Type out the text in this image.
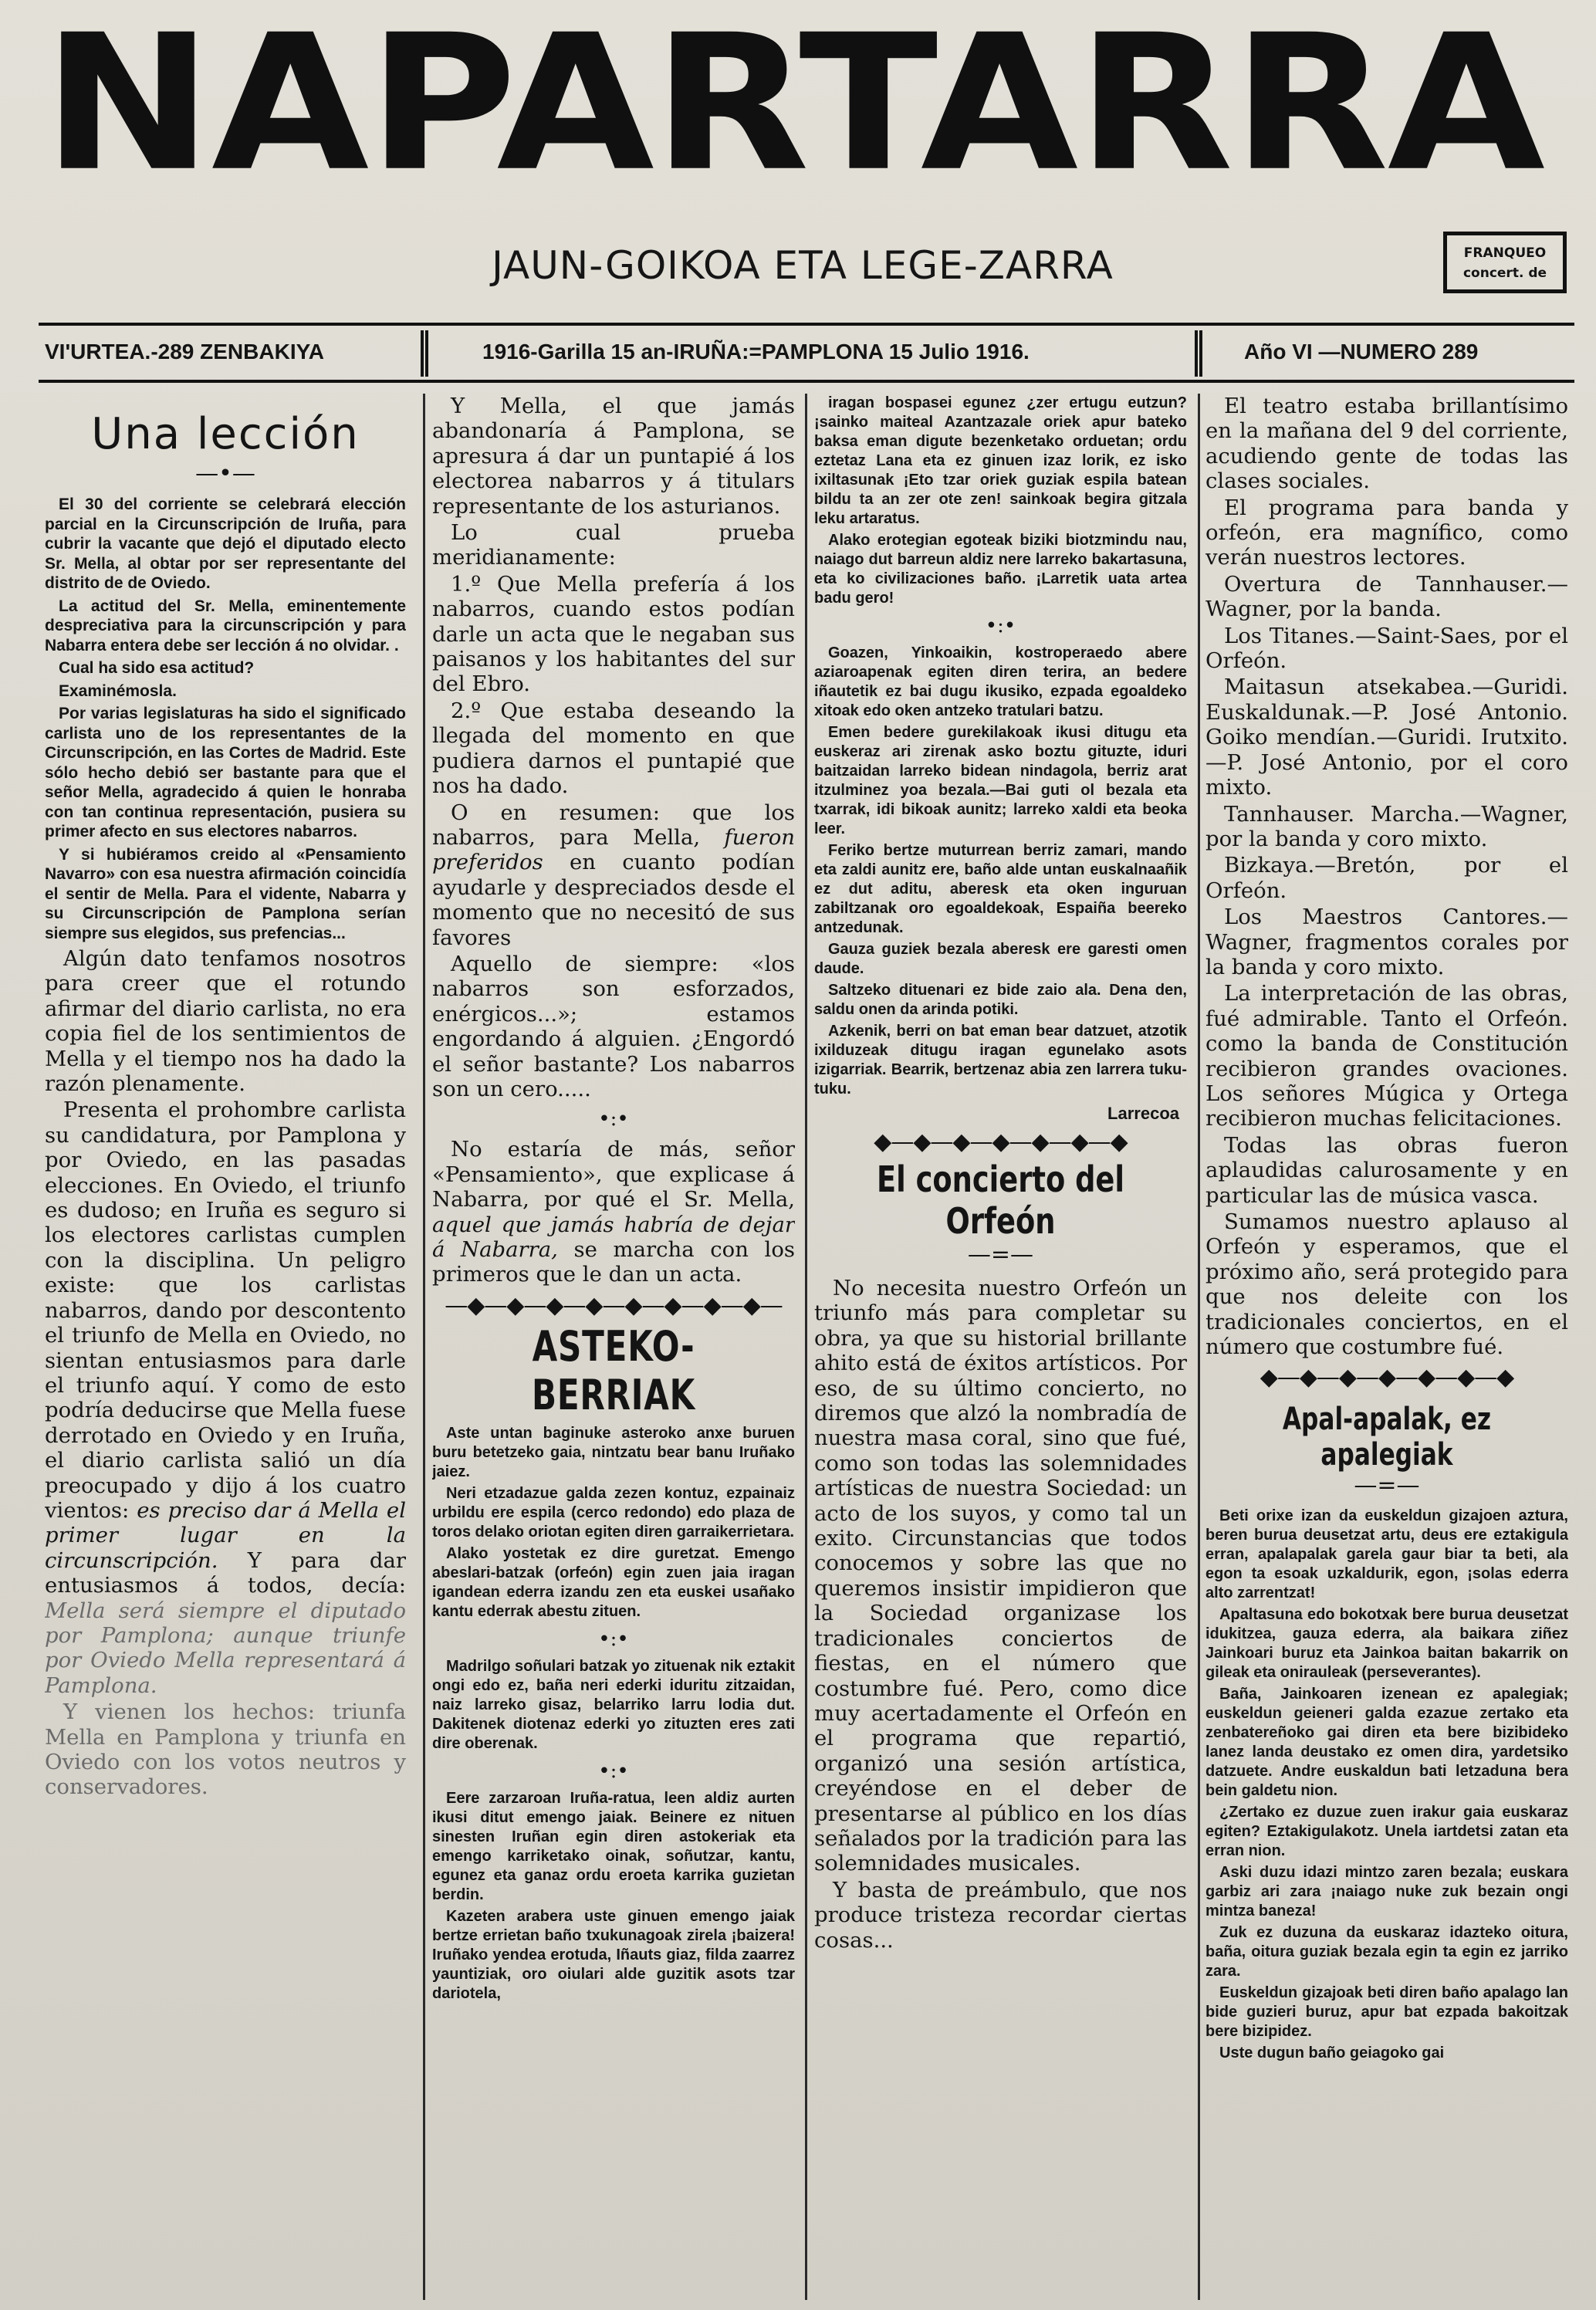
NAPARTARRA
JAUN-GOIKOA ETA LEGE-ZARRA	FRANQUEO
concert. de
VI'URTEA.-289 ZENBAKIYA	1916-Garilla 15 an-IRUÑA:=PAMPLONA 15 Julio 1916.	Año VI —NUMERO 289
Una lección
—•—

El 30 del corriente se celebrará elección parcial en la Circunscripción de Iruña, para cubrir la vacante que dejó el diputado electo Sr. Mella, al obtar por ser representante del distrito de de Oviedo.

La actitud del Sr. Mella, eminentemente despreciativa para la circunscripción y para Nabarra entera debe ser lección á no olvidar. .

Cual ha sido esa actitud?

Examinémosla.

Por varias legislaturas ha sido el significado carlista uno de los representantes de la Circunscripción, en las Cortes de Madrid. Este sólo hecho debió ser bastante para que el señor Mella, agradecido á quien le honraba con tan continua representación, pusiera su primer afecto en sus electores nabarros.

Y si hubiéramos creido al «Pensamiento Navarro» con esa nuestra afirmación coincidía el sentir de Mella. Para el vidente, Nabarra y su Circunscripción de Pamplona serían siempre sus elegidos, sus prefencias...

Algún dato tenfamos nosotros para creer que el rotundo afirmar del diario carlista, no era copia fiel de los sentimientos de Mella y el tiempo nos ha dado la razón plenamente.

Presenta el prohombre carlista su candidatura, por Pamplona y por Oviedo, en las pasadas elecciones. En Oviedo, el triunfo es dudoso; en Iruña es seguro si los electores carlistas cumplen con la disciplina. Un peligro existe: que los carlistas nabarros, dando por descontento el triunfo de Mella en Oviedo, no sientan entusiasmos para darle el triunfo aquí. Y como de esto podría deducirse que Mella fuese derrotado en Oviedo y en Iruña, el diario carlista salió un día preocupado y dijo á los cuatro vientos: es preciso dar á Mella el primer lugar en la circunscripción. Y para dar entusiasmos á todos, decía: Mella será siempre el diputado por Pamplona; aunque triunfe por Oviedo Mella representará á Pamplona.

Y vienen los hechos: triunfa Mella en Pamplona y triunfa en Oviedo con los votos neutros y conservadores.

Y Mella, el que jamás abandonaría á Pamplona, se apresura á dar un puntapié á los electorea nabarros y á titulars representante de los asturianos.

Lo cual prueba meridianamente:

1.º Que Mella prefería á los nabarros, cuando estos podían darle un acta que le negaban sus paisanos y los habitantes del sur del Ebro.

2.º Que estaba deseando la llegada del momento en que pudiera darnos el puntapié que nos ha dado.

O en resumen: que los nabarros, para Mella, fueron preferidos en cuanto podían ayudarle y despreciados desde el momento que no necesitó de sus favores

Aquello de siempre: «los nabarros son esforzados, enérgicos...»; estamos engordando á alguien. ¿Engordó el señor bastante? Los nabarros son un cero.....

•:•

No estaría de más, señor «Pensamiento», que explicase á Nabarra, por qué el Sr. Mella, aquel que jamás habría de dejar á Nabarra, se marcha con los primeros que le dan un acta.

—◆—◆—◆—◆—◆—◆—◆—◆—
ASTEKO-BERRIAK

Aste untan baginuke asteroko anxe buruen buru betetzeko gaia, nintzatu bear banu Iruñako jaiez.

Neri etzadazue galda zezen kontuz, ezpainaiz urbildu ere espila (cerco redondo) edo plaza de toros delako oriotan egiten diren garraikerrietara.

Alako yostetak ez dire guretzat. Emengo abeslari-batzak (orfeón) egin zuen jaia iragan igandean ederra izandu zen eta euskei usañako kantu ederrak abestu zituen.

•:•

Madrilgo soñulari batzak yo zituenak nik eztakit ongi edo ez, baña neri ederki iduritu zitzaidan, naiz larreko gisaz, belarriko larru lodia dut. Dakitenek diotenaz ederki yo zituzten eres zati dire oberenak.

•:•

Eere zarzaroan Iruña-ratua, leen aldiz aurten ikusi ditut emengo jaiak. Beinere ez nituen sinesten Iruñan egin diren astokeriak eta emengo karriketako oinak, soñutzar, kantu, egunez eta ganaz ordu eroeta karrika guzietan berdin.

Kazeten arabera uste ginuen emengo jaiak bertze errietan baño txukunagoak zirela ¡baizera! Iruñako yendea erotuda, Iñauts giaz, filda zaarrez yauntiziak, oro oiulari alde guzitik asots tzar dariotela,

iragan bospasei egunez ¿zer ertugu eutzun? ¡sainko maiteal Azantzazale oriek apur bateko baksa eman digute bezenketako orduetan; ordu eztetaz Lana eta ez ginuen izaz lorik, ez isko ixiltasunak ¡Eto tzar oriek guziak espila batean bildu ta an zer ote zen! sainkoak begira gitzala leku artaratus.

Alako erotegian egoteak biziki biotzmindu nau, naiago dut barreun aldiz nere larreko bakartasuna, eta ko civilizaciones baño. ¡Larretik uata artea badu gero!

•:•

Goazen, Yinkoaikin, kostroperaedo abere aziaroapenak egiten diren terira, an bedere iñautetik ez bai dugu ikusiko, ezpada egoaldeko xitoak edo oken antzeko tratulari batzu.

Emen bedere gurekilakoak ikusi ditugu eta euskeraz ari zirenak asko boztu gituzte, iduri baitzaidan larreko bidean nindagola, berriz arat itzulminez yoa bezala.—Bai guti ol bezala eta txarrak, idi bikoak aunitz; larreko xaldi eta beoka leer.

Feriko bertze muturrean berriz zamari, mando eta zaldi aunitz ere, baño alde untan euskalnaañik ez dut aditu, aberesk eta oken inguruan zabiltzanak oro egoaldekoak, Espaiña beereko antzedunak.

Gauza guziek bezala aberesk ere garesti omen daude.

Saltzeko dituenari ez bide zaio ala. Dena den, saldu onen da arinda potiki.

Azkenik, berri on bat eman bear datzuet, atzotik ixilduzeak ditugu iragan egunelako asots izigarriak. Bearrik, bertzenaz abia zen larrera tuku-tuku.

Larrecoa
◆—◆—◆—◆—◆—◆—◆
El concierto del Orfeón
—=—

No necesita nuestro Orfeón un triunfo más para completar su obra, ya que su historial brillante ahito está de éxitos artísticos. Por eso, de su último concierto, no diremos que alzó la nombradía de nuestra masa coral, sino que fué, como son todas las solemnidades artísticas de nuestra Sociedad: un acto de los suyos, y como tal un exito. Circunstancias que todos conocemos y sobre las que no queremos insistir impidieron que la Sociedad organizase los tradicionales conciertos de fiestas, en el número que costumbre fué. Pero, como dice muy acertadamente el Orfeón en el programa que repartió, organizó una sesión artística, creyéndose en el deber de presentarse al público en los días señalados por la tradición para las solemnidades musicales.

Y basta de preámbulo, que nos produce tristeza recordar ciertas cosas...

El teatro estaba brillantísimo en la mañana del 9 del corriente, acudiendo gente de todas las clases sociales.

El programa para banda y orfeón, era magnífico, como verán nuestros lectores.

Overtura de Tannhauser.— Wagner, por la banda.

Los Titanes.—Saint-Saes, por el Orfeón.

Maitasun atsekabea.—Guridi. Euskaldunak.—P. José Antonio. Goiko mendían.—Guridi. Irutxito.—P. José Antonio, por el coro mixto.

Tannhauser. Marcha.—Wagner, por la banda y coro mixto.

Bizkaya.—Bretón, por el Orfeón.

Los Maestros Cantores.— Wagner, fragmentos corales por la banda y coro mixto.

La interpretación de las obras, fué admirable. Tanto el Orfeón. como la banda de Constitución recibieron grandes ovaciones. Los señores Múgica y Ortega recibieron muchas felicitaciones.

Todas las obras fueron aplaudidas calurosamente y en particular las de música vasca.

Sumamos nuestro aplauso al Orfeón y esperamos, que el próximo año, será protegido para que nos deleite con los tradicionales conciertos, en el número que costumbre fué.

◆—◆—◆—◆—◆—◆—◆
Apal-apalak, ez apalegiak
—=—

Beti orixe izan da euskeldun gizajoen aztura, beren burua deusetzat artu, deus ere eztakigula erran, apalapalak garela gaur biar ta beti, ala egon ta esoak uzkaldurik, egon, ¡solas ederra alto zarrentzat!

Apaltasuna edo bokotxak bere burua deusetzat idukitzea, gauza ederra, ala baikara ziñez Jainkoari buruz eta Jainkoa baitan bakarrik on gileak eta onirauleak (perseverantes).

Baña, Jainkoaren izenean ez apalegiak; euskeldun geieneri galda ezazue zertako eta zenbatereñoko gai diren eta bere bizibideko lanez landa deustako ez omen dira, yardetsiko datzuete. Andre euskaldun bati letzaduna bera bein galdetu nion.

¿Zertako ez duzue zuen irakur gaia euskaraz egiten? Eztakigulakotz. Unela iartdetsi zatan eta erran nion.

Aski duzu idazi mintzo zaren bezala; euskara garbiz ari zara ¡naiago nuke zuk bezain ongi mintza baneza!

Zuk ez duzuna da euskaraz idazteko oitura, baña, oitura guziak bezala egin ta egin ez jarriko zara.

Euskeldun gizajoak beti diren baño apalago lan bide guzieri buruz, apur bat ezpada bakoitzak bere bizipidez.

Uste dugun baño geiagoko gai
